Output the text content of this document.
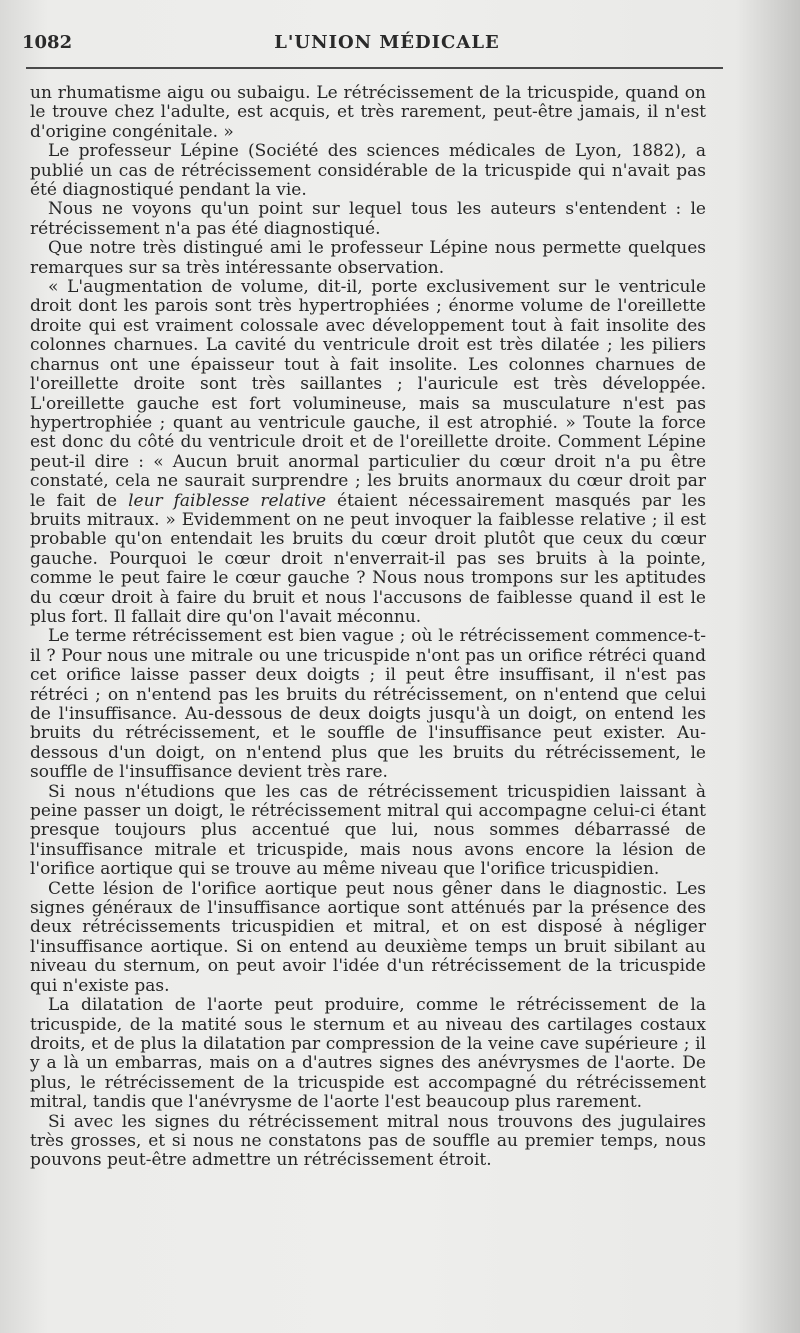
1082	L'UNION MÉDICALE

un rhumatisme aigu ou subaigu. Le rétrécissement de la tricuspide, quand on le trouve chez l'adulte, est acquis, et très rarement, peut-être jamais, il n'est d'origine congénitale. »

Le professeur Lépine (Société des sciences médicales de Lyon, 1882), a publié un cas de rétrécissement considérable de la tricuspide qui n'avait pas été diagnostiqué pendant la vie.

Nous ne voyons qu'un point sur lequel tous les auteurs s'entendent : le rétrécissement n'a pas été diagnostiqué.

Que notre très distingué ami le professeur Lépine nous permette quelques remarques sur sa très intéressante observation.

« L'augmentation de volume, dit-il, porte exclusivement sur le ventricule droit dont les parois sont très hypertrophiées ; énorme volume de l'oreillette droite qui est vraiment colossale avec développement tout à fait insolite des colonnes charnues. La cavité du ventricule droit est très dilatée ; les piliers charnus ont une épaisseur tout à fait insolite. Les colonnes charnues de l'oreillette droite sont très saillantes ; l'auricule est très développée. L'oreillette gauche est fort volumineuse, mais sa musculature n'est pas hypertrophiée ; quant au ventricule gauche, il est atrophié. » Toute la force est donc du côté du ventricule droit et de l'oreillette droite. Comment Lépine peut-il dire : « Aucun bruit anormal particulier du cœur droit n'a pu être constaté, cela ne saurait surprendre ; les bruits anormaux du cœur droit par le fait de leur faiblesse relative étaient nécessairement masqués par les bruits mitraux. » Evidemment on ne peut invoquer la faiblesse relative ; il est probable qu'on entendait les bruits du cœur droit plutôt que ceux du cœur gauche. Pourquoi le cœur droit n'enverrait-il pas ses bruits à la pointe, comme le peut faire le cœur gauche ? Nous nous trompons sur les aptitudes du cœur droit à faire du bruit et nous l'accusons de faiblesse quand il est le plus fort. Il fallait dire qu'on l'avait méconnu.

Le terme rétrécissement est bien vague ; où le rétrécissement commence-t-il ? Pour nous une mitrale ou une tricuspide n'ont pas un orifice rétréci quand cet orifice laisse passer deux doigts ; il peut être insuffisant, il n'est pas rétréci ; on n'entend pas les bruits du rétrécissement, on n'entend que celui de l'insuffisance. Au-dessous de deux doigts jusqu'à un doigt, on entend les bruits du rétrécissement, et le souffle de l'insuffisance peut exister. Au-dessous d'un doigt, on n'entend plus que les bruits du rétrécissement, le souffle de l'insuffisance devient très rare.

Si nous n'étudions que les cas de rétrécissement tricuspidien laissant à peine passer un doigt, le rétrécissement mitral qui accompagne celui-ci étant presque toujours plus accentué que lui, nous sommes débarrassé de l'insuffisance mitrale et tricuspide, mais nous avons encore la lésion de l'orifice aortique qui se trouve au même niveau que l'orifice tricuspidien.

Cette lésion de l'orifice aortique peut nous gêner dans le diagnostic. Les signes généraux de l'insuffisance aortique sont atténués par la présence des deux rétrécissements tricuspidien et mitral, et on est disposé à négliger l'insuffisance aortique. Si on entend au deuxième temps un bruit sibilant au niveau du sternum, on peut avoir l'idée d'un rétrécissement de la tricuspide qui n'existe pas.

La dilatation de l'aorte peut produire, comme le rétrécissement de la tricuspide, de la matité sous le sternum et au niveau des cartilages costaux droits, et de plus la dilatation par compression de la veine cave supérieure ; il y a là un embarras, mais on a d'autres signes des anévrysmes de l'aorte. De plus, le rétrécissement de la tricuspide est accompagné du rétrécissement mitral, tandis que l'anévrysme de l'aorte l'est beaucoup plus rarement.

Si avec les signes du rétrécissement mitral nous trouvons des jugulaires très grosses, et si nous ne constatons pas de souffle au premier temps, nous pouvons peut-être admettre un rétrécissement étroit.
